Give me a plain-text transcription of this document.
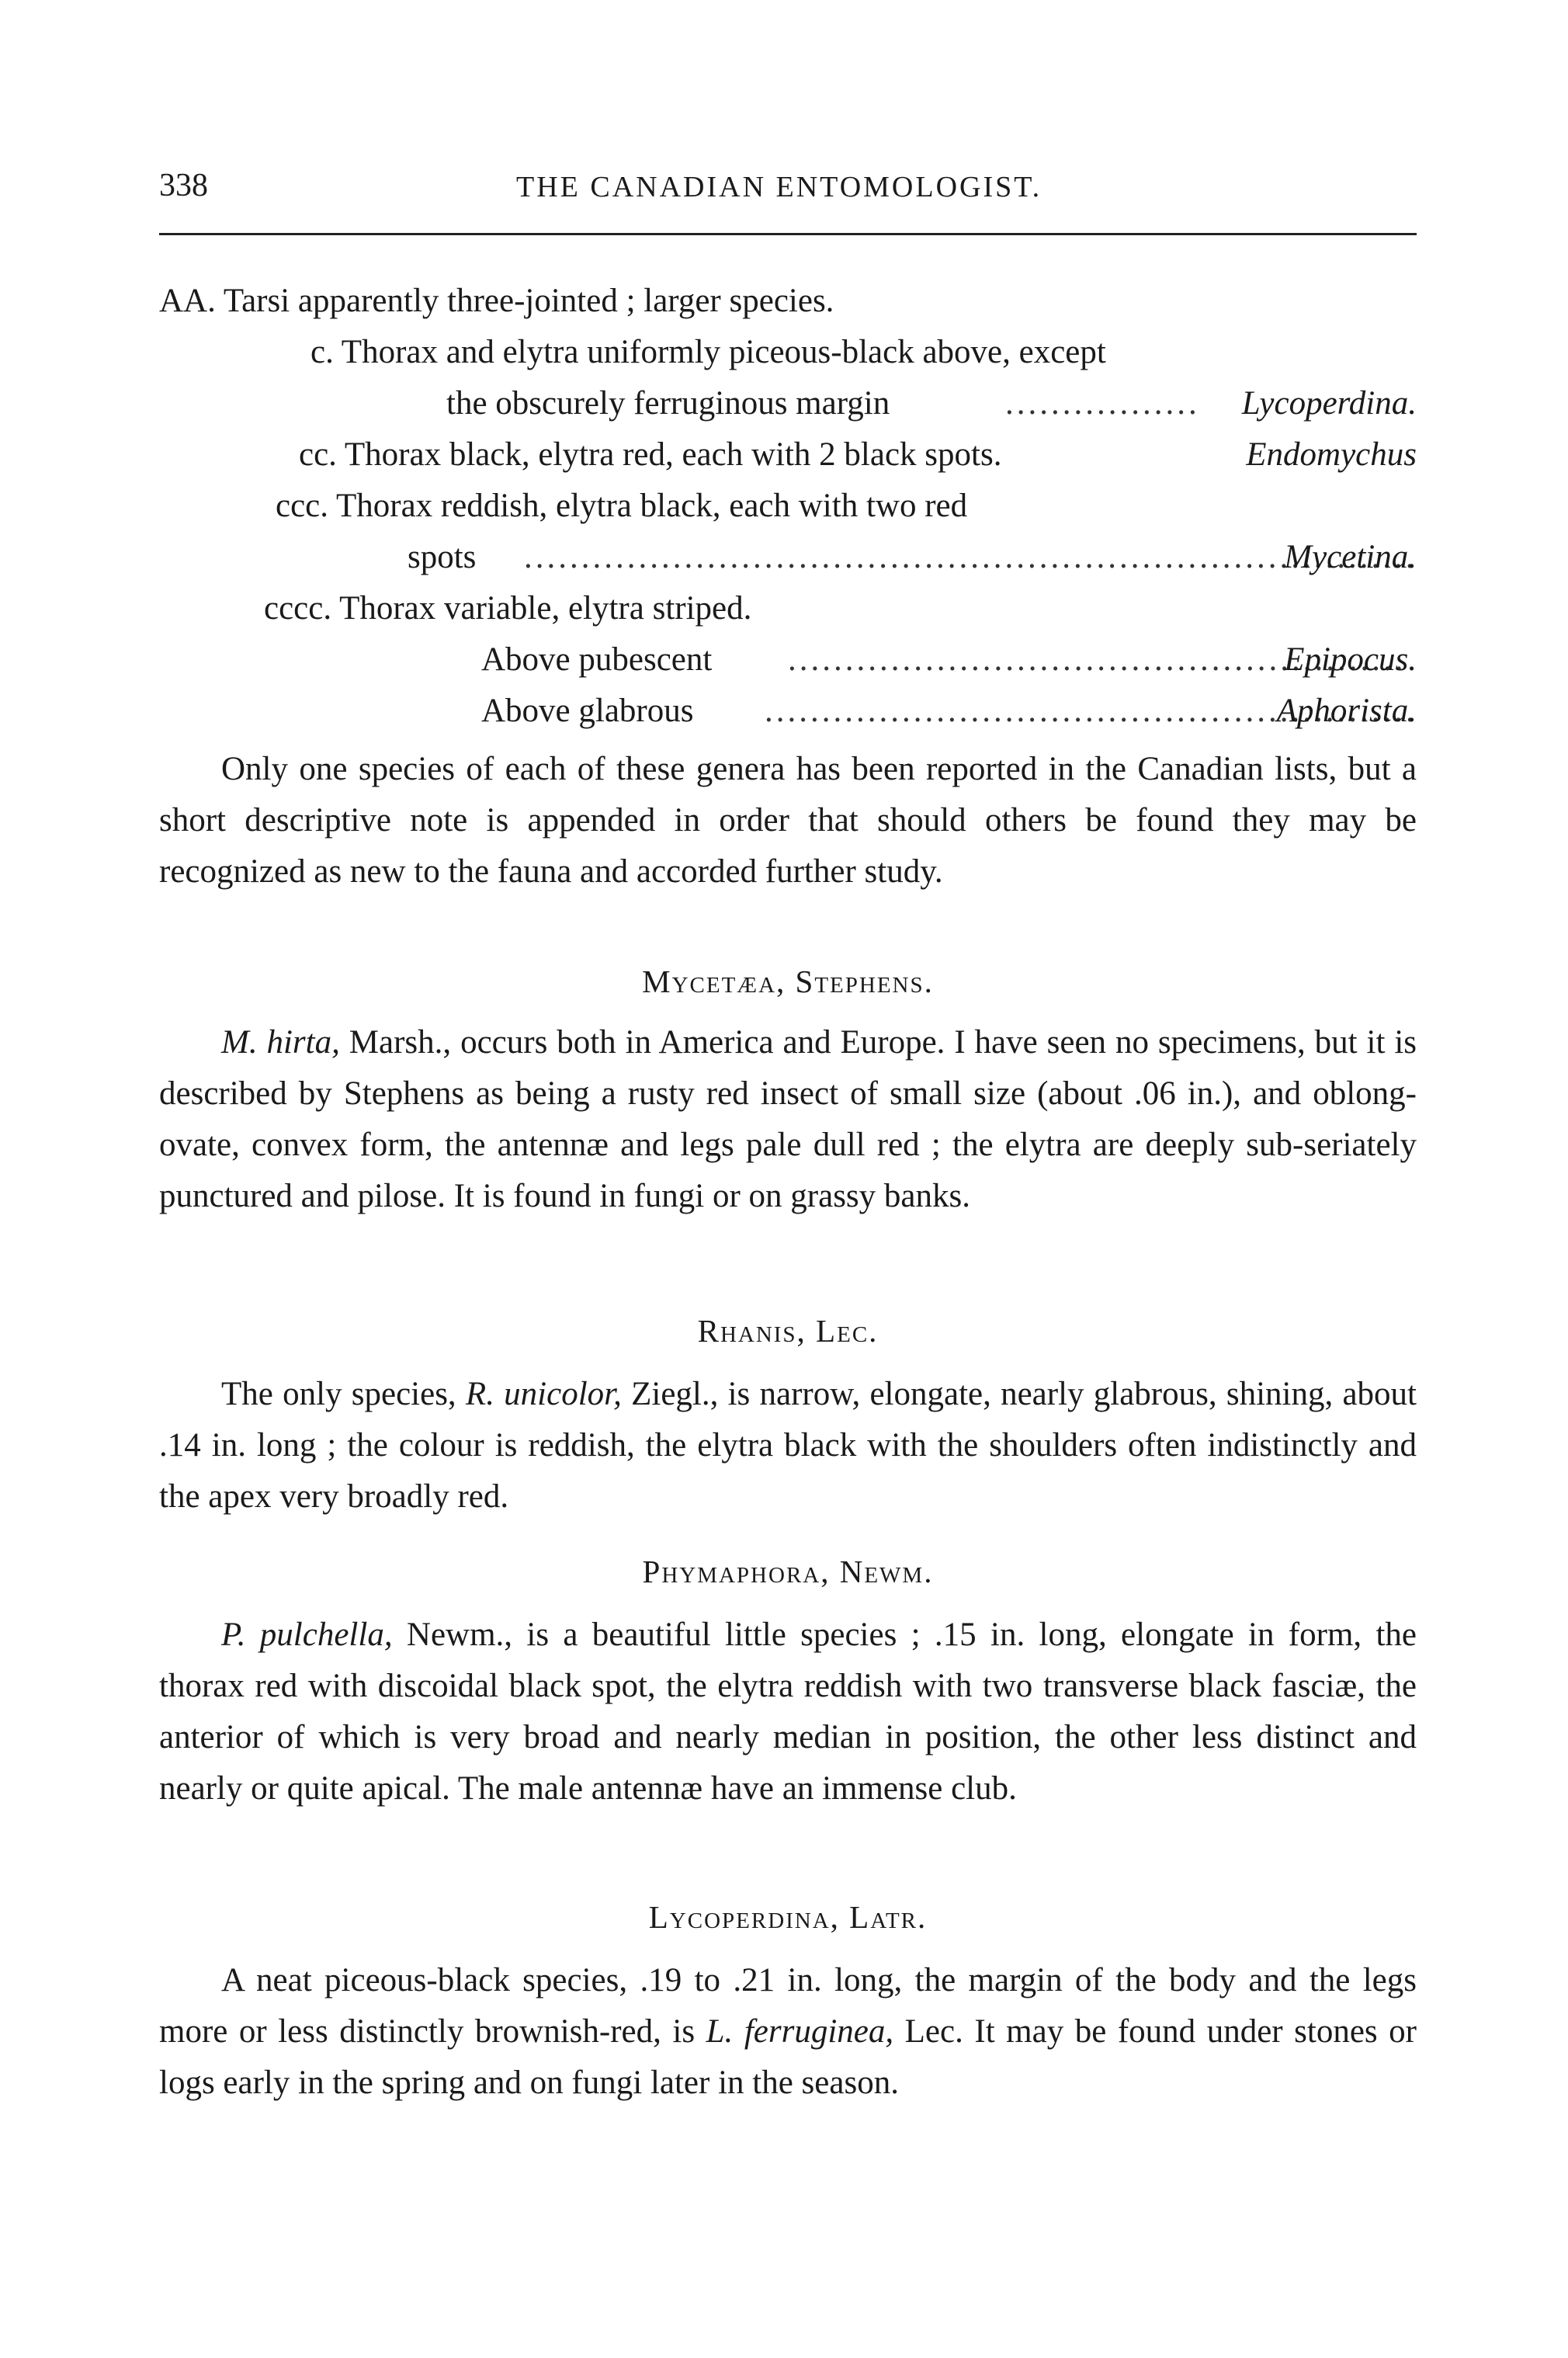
338	THE CANADIAN ENTOMOLOGIST.
AA. Tarsi apparently three-jointed ; larger species.
c. Thorax and elytra uniformly piceous-black above, except
the obscurely ferruginous margin .....	Lycoperdina.
cc. Thorax black, elytra red, each with 2 black spots.	Endomychus
ccc. Thorax reddish, elytra black, each with two red
spots .....	Mycetina.
cccc. Thorax variable, elytra striped.
Above pubescent .....	Epipocus.
Above glabrous .....	Aphorista.

Only one species of each of these genera has been reported in the Canadian lists, but a short descriptive note is appended in order that should others be found they may be recognized as new to the fauna and accorded further study.

Mycetæa, Stephens.

M. hirta, Marsh., occurs both in America and Europe. I have seen no specimens, but it is described by Stephens as being a rusty red insect of small size (about .06 in.), and oblong-ovate, convex form, the antennæ and legs pale dull red ; the elytra are deeply sub-seriately punctured and pilose. It is found in fungi or on grassy banks.

Rhanis, Lec.

The only species, R. unicolor, Ziegl., is narrow, elongate, nearly glabrous, shining, about .14 in. long ; the colour is reddish, the elytra black with the shoulders often indistinctly and the apex very broadly red.

Phymaphora, Newm.

P. pulchella, Newm., is a beautiful little species ; .15 in. long, elongate in form, the thorax red with discoidal black spot, the elytra reddish with two transverse black fasciæ, the anterior of which is very broad and nearly median in position, the other less distinct and nearly or quite apical. The male antennæ have an immense club.

Lycoperdina, Latr.

A neat piceous-black species, .19 to .21 in. long, the margin of the body and the legs more or less distinctly brownish-red, is L. ferruginea, Lec. It may be found under stones or logs early in the spring and on fungi later in the season.
